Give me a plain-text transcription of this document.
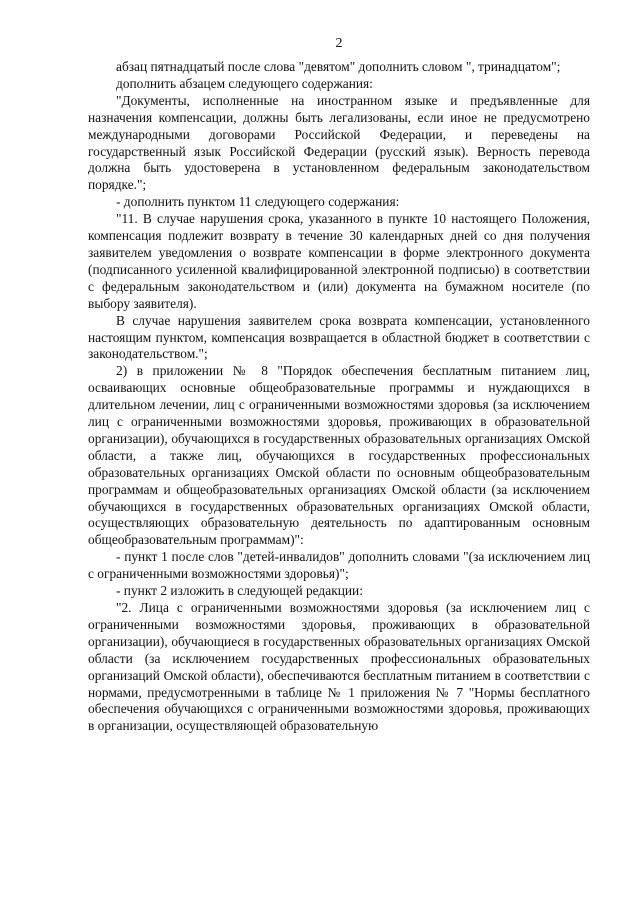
2

абзац пятнадцатый после слова "девятом" дополнить словом ", тринадцатом";

дополнить абзацем следующего содержания:

"Документы, исполненные на иностранном языке и предъявленные для назначения компенсации, должны быть легализованы, если иное не предусмотрено международными договорами Российской Федерации, и переведены на государственный язык Российской Федерации (русский язык). Верность перевода должна быть удостоверена в установленном федеральным законодательством порядке.";

- дополнить пунктом 11 следующего содержания:

"11. В случае нарушения срока, указанного в пункте 10 настоящего Положения, компенсация подлежит возврату в течение 30 календарных дней со дня получения заявителем уведомления о возврате компенсации в форме электронного документа (подписанного усиленной квалифицированной электронной подписью) в соответствии с федеральным законодательством и (или) документа на бумажном носителе (по выбору заявителя).

В случае нарушения заявителем срока возврата компенсации, установленного настоящим пунктом, компенсация возвращается в областной бюджет в соответствии с законодательством.";

2) в приложении № 8 "Порядок обеспечения бесплатным питанием лиц, осваивающих основные общеобразовательные программы и нуждающихся в длительном лечении, лиц с ограниченными возможностями здоровья (за исключением лиц с ограниченными возможностями здоровья, проживающих в образовательной организации), обучающихся в государственных образовательных организациях Омской области, а также лиц, обучающихся в государственных профессиональных образовательных организациях Омской области по основным общеобразовательным программам и общеобразовательных организациях Омской области (за исключением обучающихся в государственных образовательных организациях Омской области, осуществляющих образовательную деятельность по адаптированным основным общеобразовательным программам)":

- пункт 1 после слов "детей-инвалидов" дополнить словами "(за исключением лиц с ограниченными возможностями здоровья)";

- пункт 2 изложить в следующей редакции:

"2. Лица с ограниченными возможностями здоровья (за исключением лиц с ограниченными возможностями здоровья, проживающих в образовательной организации), обучающиеся в государственных образовательных организациях Омской области (за исключением государственных профессиональных образовательных организаций Омской области), обеспечиваются бесплатным питанием в соответствии с нормами, предусмотренными в таблице № 1 приложения № 7 "Нормы бесплатного обеспечения обучающихся с ограниченными возможностями здоровья, проживающих в организации, осуществляющей образовательную
